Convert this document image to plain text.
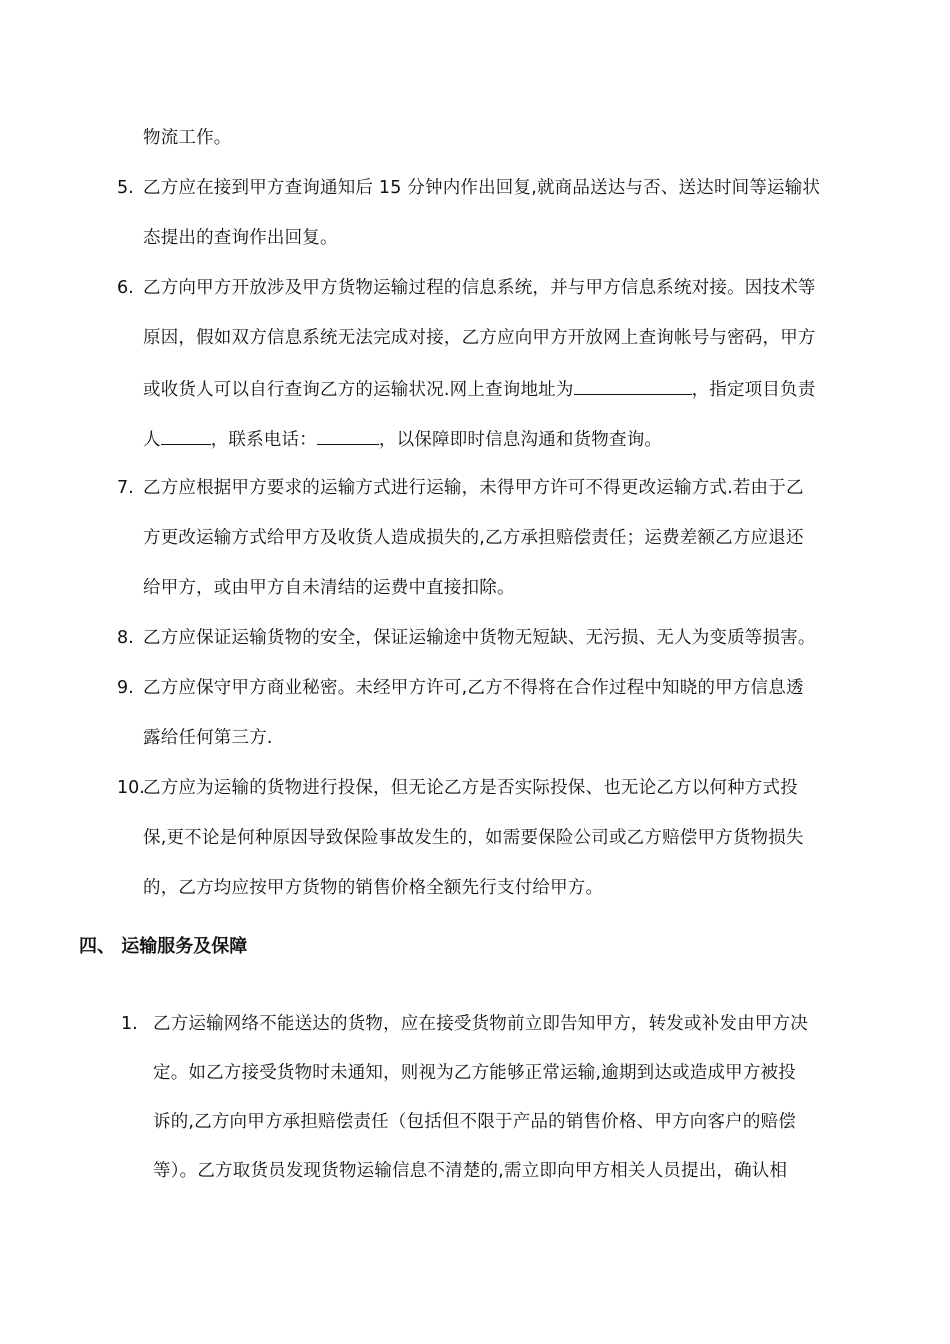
物流工作。
5. 乙方应在接到甲方查询通知后 15 分钟内作出回复,就商品送达与否、送达时间等运输状
态提出的查询作出回复。
6. 乙方向甲方开放涉及甲方货物运输过程的信息系统，并与甲方信息系统对接。因技术等
原因，假如双方信息系统无法完成对接，乙方应向甲方开放网上查询帐号与密码，甲方
或收货人可以自行查询乙方的运输状况.网上查询地址为	，指定项目负责
人	，联系电话：	，以保障即时信息沟通和货物查询。
7. 乙方应根据甲方要求的运输方式进行运输，未得甲方许可不得更改运输方式.若由于乙
方更改运输方式给甲方及收货人造成损失的,乙方承担赔偿责任；运费差额乙方应退还
给甲方，或由甲方自未清结的运费中直接扣除。
8. 乙方应保证运输货物的安全，保证运输途中货物无短缺、无污损、无人为变质等损害。
9. 乙方应保守甲方商业秘密。未经甲方许可,乙方不得将在合作过程中知晓的甲方信息透
露给任何第三方.
10.
乙方应为运输的货物进行投保，但无论乙方是否实际投保、也无论乙方以何种方式投
保,更不论是何种原因导致保险事故发生的，如需要保险公司或乙方赔偿甲方货物损失
的，乙方均应按甲方货物的销售价格全额先行支付给甲方。
四、 运输服务及保障
1. 乙方运输网络不能送达的货物，应在接受货物前立即告知甲方，转发或补发由甲方决
定。如乙方接受货物时未通知，则视为乙方能够正常运输,逾期到达或造成甲方被投
诉的,乙方向甲方承担赔偿责任（包括但不限于产品的销售价格、甲方向客户的赔偿
等）。乙方取货员发现货物运输信息不清楚的,需立即向甲方相关人员提出，确认相
